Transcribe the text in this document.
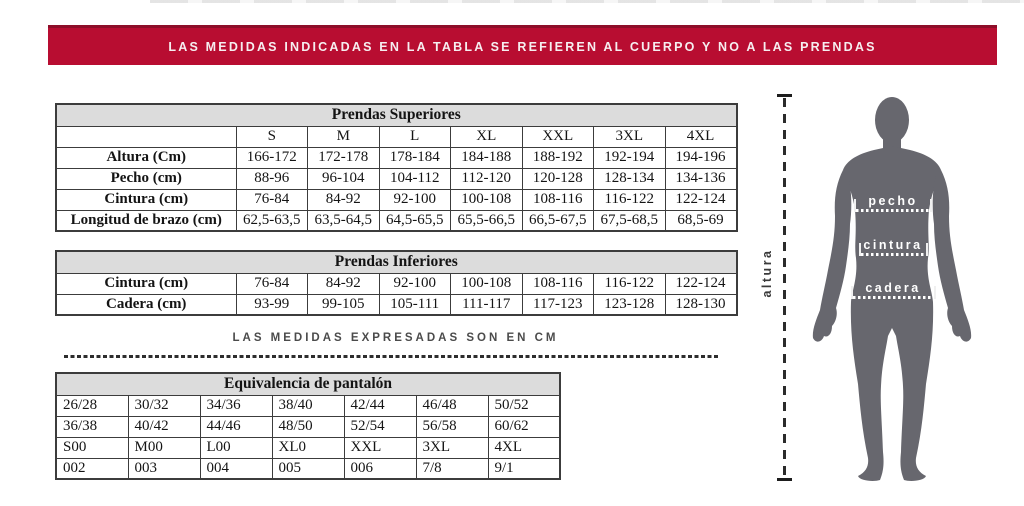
LAS MEDIDAS INDICADAS EN LA TABLA SE REFIEREN AL CUERPO Y NO A LAS PRENDAS
Prendas Superiores							
	S	M	L	XL	XXL	3XL	4XL
Altura (Cm)	166-172	172-178	178-184	184-188	188-192	192-194	194-196
Pecho (cm)	88-96	96-104	104-112	112-120	120-128	128-134	134-136
Cintura (cm)	76-84	84-92	92-100	100-108	108-116	116-122	122-124
Longitud de brazo (cm)	62,5-63,5	63,5-64,5	64,5-65,5	65,5-66,5	66,5-67,5	67,5-68,5	68,5-69
Prendas Inferiores							
Cintura (cm)	76-84	84-92	92-100	100-108	108-116	116-122	122-124
Cadera (cm)	93-99	99-105	105-111	111-117	117-123	123-128	128-130
LAS MEDIDAS EXPRESADAS SON EN CM
Equivalencia de pantalón						
26/28	30/32	34/36	38/40	42/44	46/48	50/52
36/38	40/42	44/46	48/50	52/54	56/58	60/62
S00	M00	L00	XL0	XXL	3XL	4XL
002	003	004	005	006	7/8	9/1
altura
pecho
cintura
cadera
